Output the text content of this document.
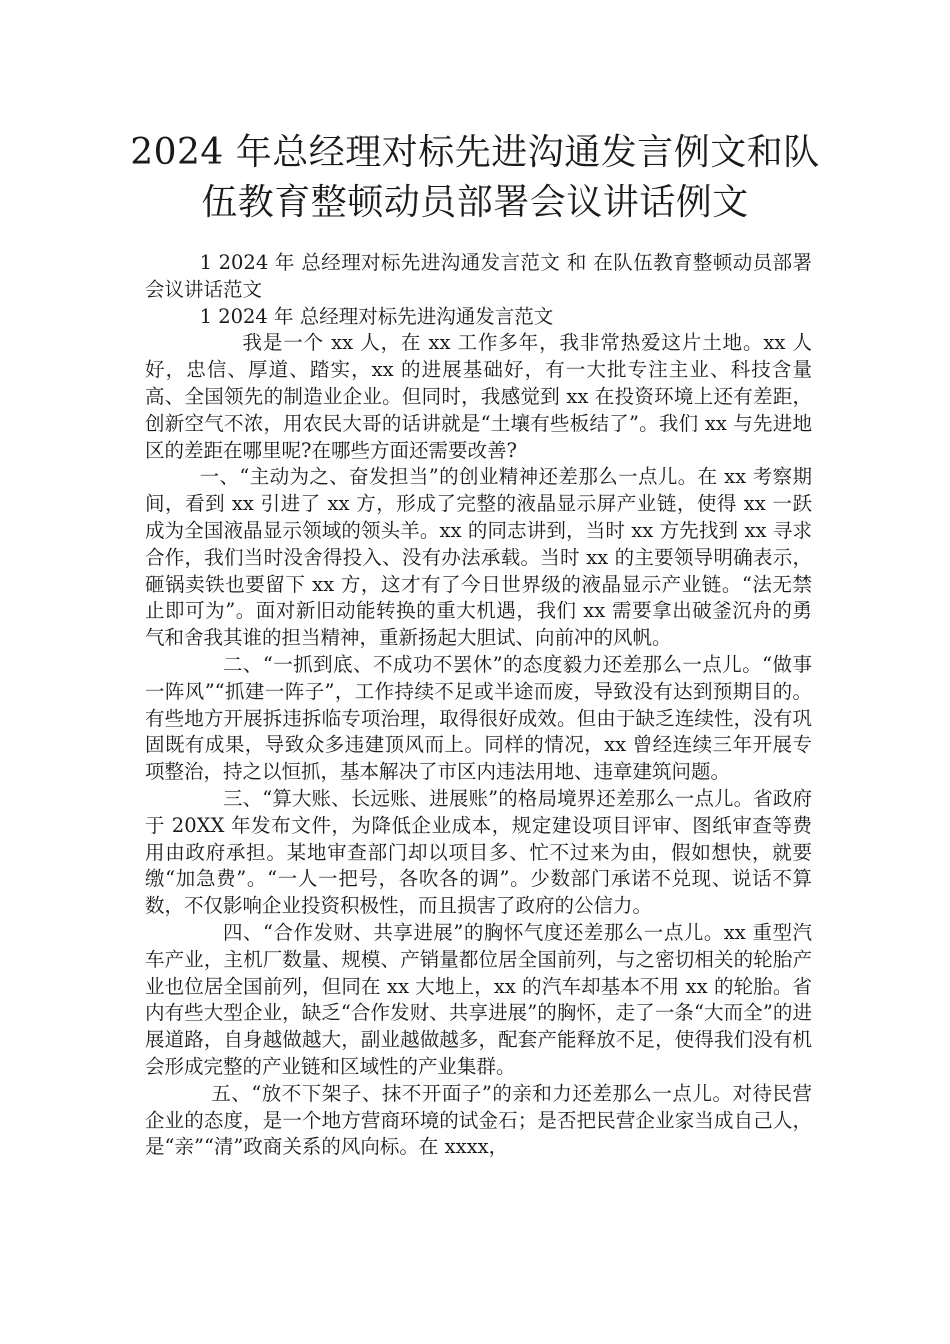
2024 年总经理对标先进沟通发言例文和队
伍教育整顿动员部署会议讲话例文

1 2024 年 总经理对标先进沟通发言范文 和 在队伍教育整顿动员部署会议讲话范文

1 2024 年 总经理对标先进沟通发言范文

我是一个 xx 人，在 xx 工作多年，我非常热爱这片土地。xx 人好，忠信、厚道、踏实，xx 的进展基础好，有一大批专注主业、科技含量高、全国领先的制造业企业。但同时，我感觉到 xx 在投资环境上还有差距，创新空气不浓，用农民大哥的话讲就是“土壤有些板结了”。我们 xx 与先进地区的差距在哪里呢?在哪些方面还需要改善?

一、“主动为之、奋发担当”的创业精神还差那么一点儿。在 xx 考察期间，看到 xx 引进了 xx 方，形成了完整的液晶显示屏产业链，使得 xx 一跃成为全国液晶显示领域的领头羊。xx 的同志讲到，当时 xx 方先找到 xx 寻求合作，我们当时没舍得投入、没有办法承载。当时 xx 的主要领导明确表示，砸锅卖铁也要留下 xx 方，这才有了今日世界级的液晶显示产业链。“法无禁止即可为”。面对新旧动能转换的重大机遇，我们 xx 需要拿出破釜沉舟的勇气和舍我其谁的担当精神，重新扬起大胆试、向前冲的风帆。

二、“一抓到底、不成功不罢休”的态度毅力还差那么一点儿。“做事一阵风”“抓建一阵子”，工作持续不足或半途而废，导致没有达到预期目的。有些地方开展拆违拆临专项治理，取得很好成效。但由于缺乏连续性，没有巩固既有成果，导致众多违建顶风而上。同样的情况，xx 曾经连续三年开展专项整治，持之以恒抓，基本解决了市区内违法用地、违章建筑问题。

三、“算大账、长远账、进展账”的格局境界还差那么一点儿。省政府于 20XX 年发布文件，为降低企业成本，规定建设项目评审、图纸审查等费用由政府承担。某地审查部门却以项目多、忙不过来为由，假如想快，就要缴“加急费”。“一人一把号，各吹各的调”。少数部门承诺不兑现、说话不算数，不仅影响企业投资积极性，而且损害了政府的公信力。

四、“合作发财、共享进展”的胸怀气度还差那么一点儿。xx 重型汽车产业，主机厂数量、规模、产销量都位居全国前列，与之密切相关的轮胎产业也位居全国前列，但同在 xx 大地上，xx 的汽车却基本不用 xx 的轮胎。省内有些大型企业，缺乏“合作发财、共享进展”的胸怀，走了一条“大而全”的进展道路，自身越做越大，副业越做越多，配套产能释放不足，使得我们没有机会形成完整的产业链和区域性的产业集群。

五、“放不下架子、抹不开面子”的亲和力还差那么一点儿。对待民营企业的态度，是一个地方营商环境的试金石；是否把民营企业家当成自己人，是“亲”“清”政商关系的风向标。在 xxxx，
